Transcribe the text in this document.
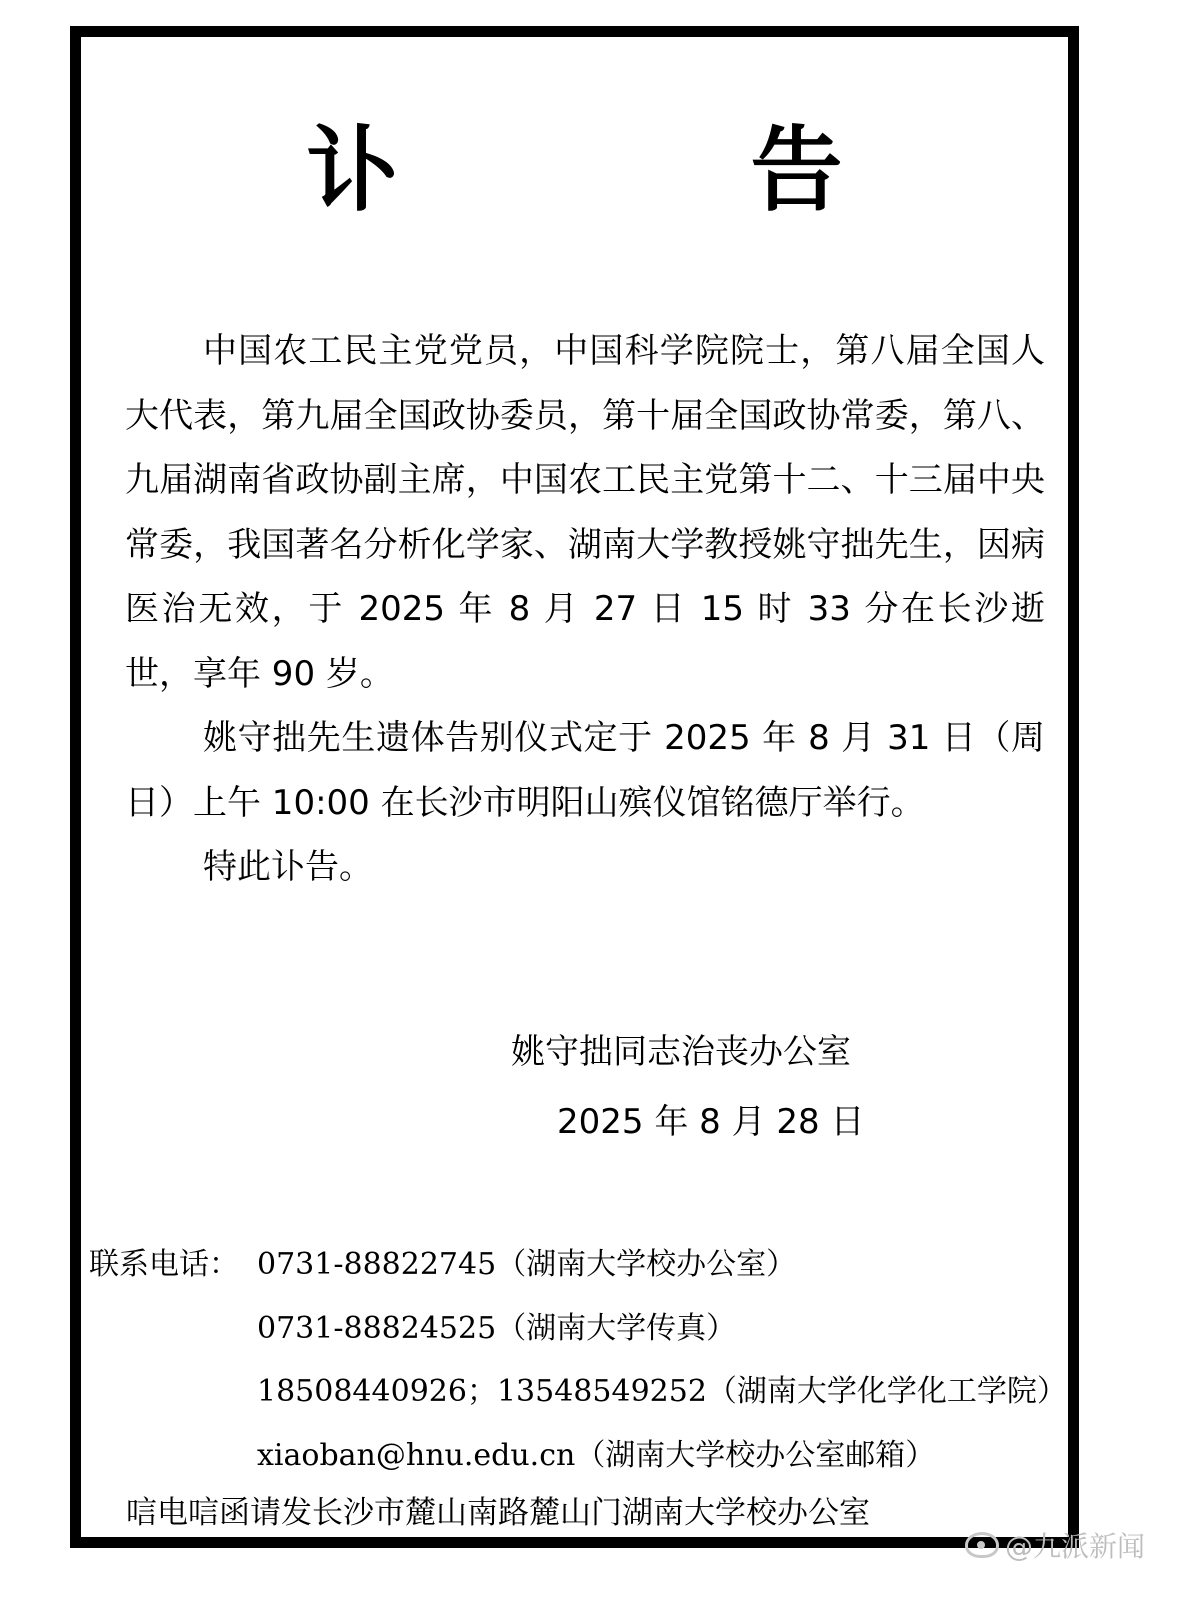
讣　告

中国农工民主党党员，中国科学院院士，第八届全国人大代表，第九届全国政协委员，第十届全国政协常委，第八、九届湖南省政协副主席，中国农工民主党第十二、十三届中央常委，我国著名分析化学家、湖南大学教授姚守拙先生，因病医治无效，于 2025 年 8 月 27 日 15 时 33 分在长沙逝世，享年 90 岁。

姚守拙先生遗体告别仪式定于 2025 年 8 月 31 日（周日）上午 10:00 在长沙市明阳山殡仪馆铭德厅举行。

特此讣告。

姚守拙同志治丧办公室
2025 年 8 月 28 日
联系电话： 0731-88822745（湖南大学校办公室）
0731-88824525（湖南大学传真）
18508440926；13548549252（湖南大学化学化工学院）
xiaoban@hnu.edu.cn（湖南大学校办公室邮箱）
唁电唁函请发长沙市麓山南路麓山门湖南大学校办公室
@九派新闻
